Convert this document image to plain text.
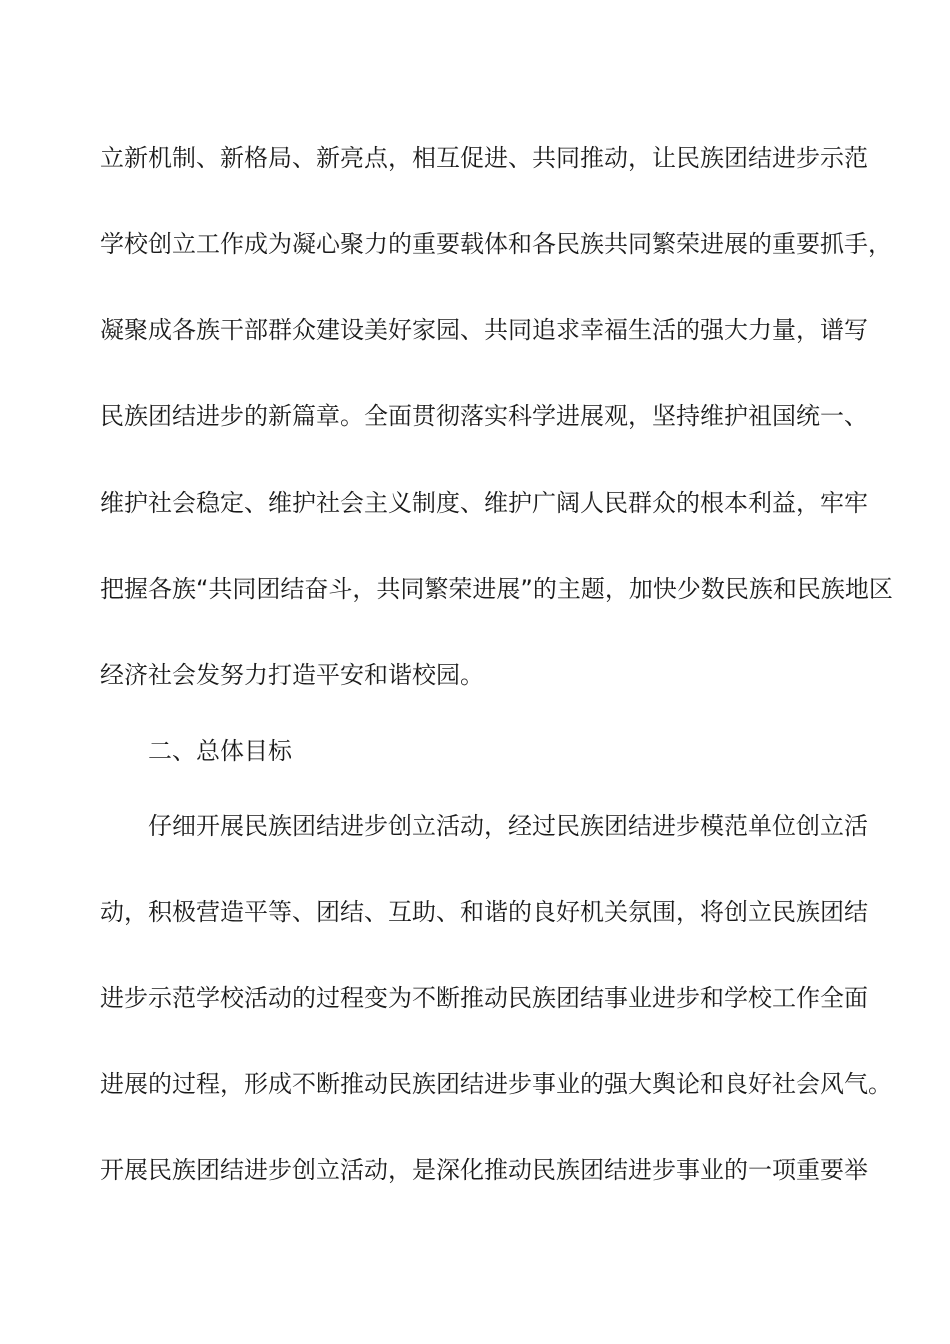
立新机制、新格局、新亮点，相互促进、共同推动，让民族团结进步示范
学校创立工作成为凝心聚力的重要载体和各民族共同繁荣进展的重要抓手，
凝聚成各族干部群众建设美好家园、共同追求幸福生活的强大力量，谱写
民族团结进步的新篇章。全面贯彻落实科学进展观，坚持维护祖国统一、
维护社会稳定、维护社会主义制度、维护广阔人民群众的根本利益，牢牢
把握各族“共同团结奋斗，共同繁荣进展”的主题，加快少数民族和民族地区
经济社会发努力打造平安和谐校园。
二、总体目标
仔细开展民族团结进步创立活动，经过民族团结进步模范单位创立活
动，积极营造平等、团结、互助、和谐的良好机关氛围，将创立民族团结
进步示范学校活动的过程变为不断推动民族团结事业进步和学校工作全面
进展的过程，形成不断推动民族团结进步事业的强大舆论和良好社会风气。
开展民族团结进步创立活动，是深化推动民族团结进步事业的一项重要举
